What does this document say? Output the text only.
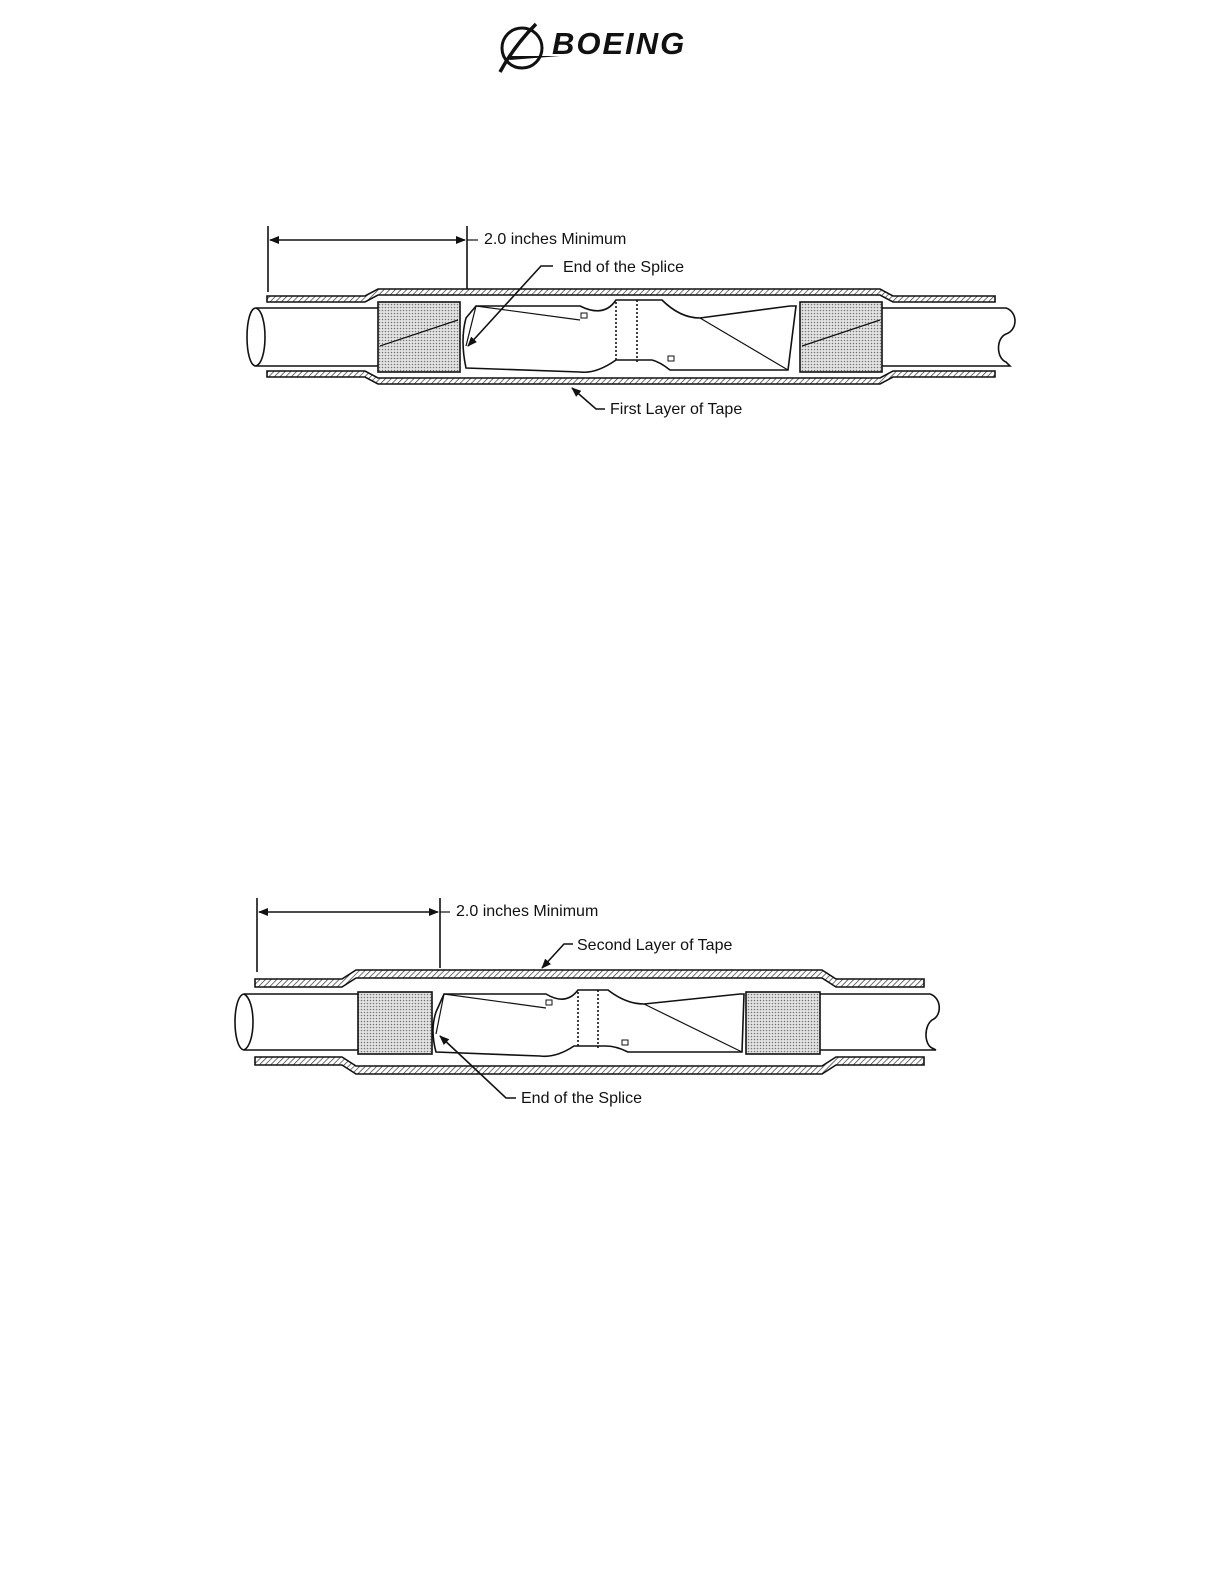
BOEING
2.0 inches Minimum
End of the Splice
First Layer of Tape
2.0 inches Minimum
Second Layer of Tape
End of the Splice
